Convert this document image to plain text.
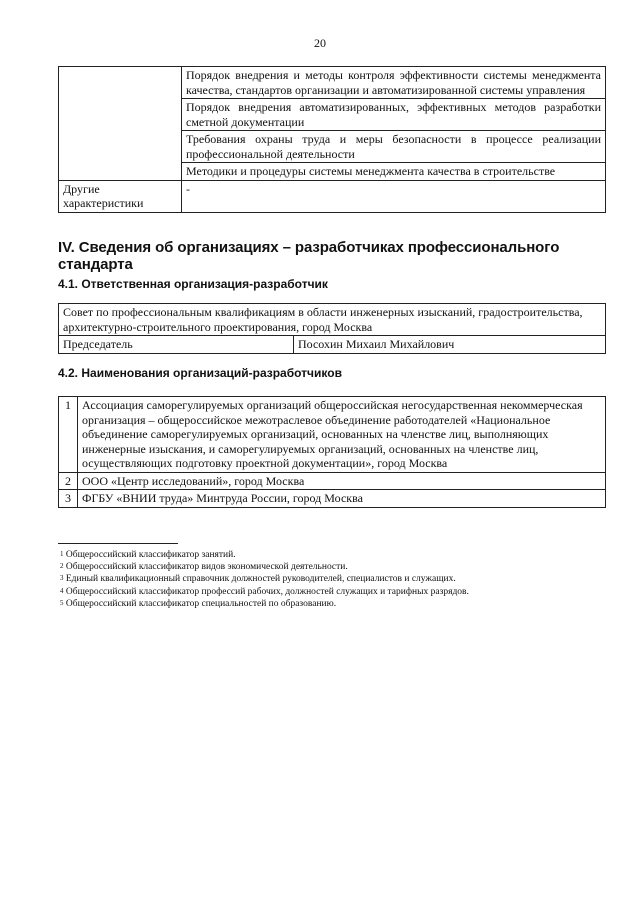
20
	Порядок внедрения и методы контроля эффективности системы менеджмента качества, стандартов организации и автоматизированной системы управления
	Порядок внедрения автоматизированных, эффективных методов разработки сметной документации
	Требования охраны труда и меры безопасности в процессе реализации профессиональной деятельности
	Методики и процедуры системы менеджмента качества в строительстве
Другие характеристики	-
IV. Сведения об организациях – разработчиках профессионального стандарта
4.1. Ответственная организация-разработчик
Совет по профессиональным квалификациям в области инженерных изысканий, градостроительства, архитектурно-строительного проектирования, город Москва
Председатель	Посохин Михаил Михайлович
4.2. Наименования организаций-разработчиков
1	Ассоциация саморегулируемых организаций общероссийская негосударственная некоммерческая организация – общероссийское межотраслевое объединение работодателей «Национальное объединение саморегулируемых организаций, основанных на членстве лиц, выполняющих инженерные изыскания, и саморегулируемых организаций, основанных на членстве лиц, осуществляющих подготовку проектной документации», город Москва
2	ООО «Центр исследований», город Москва
3	ФГБУ «ВНИИ труда» Минтруда России, город Москва
$^1$ Общероссийский классификатор занятий.
$^2$ Общероссийский классификатор видов экономической деятельности.
$^3$ Единый квалификационный справочник должностей руководителей, специалистов и служащих.
$^4$ Общероссийский классификатор профессий рабочих, должностей служащих и тарифных разрядов.
$^5$ Общероссийский классификатор специальностей по образованию.
